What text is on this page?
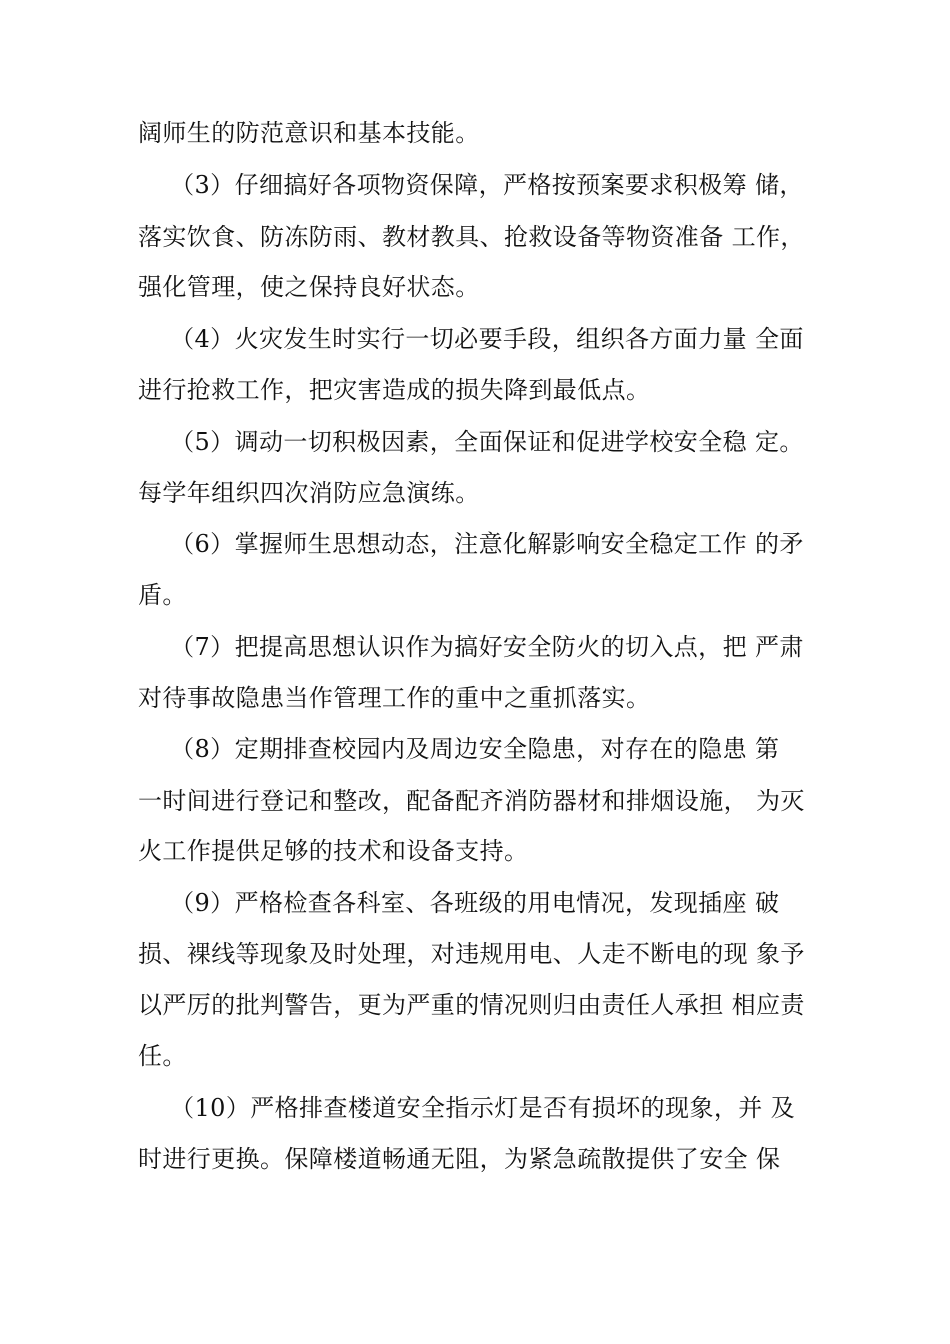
阔师生的防范意识和基本技能。
（3）仔细搞好各项物资保障，严格按预案要求积极筹 储，
落实饮食、防冻防雨、教材教具、抢救设备等物资准备 工作，
强化管理，使之保持良好状态。
（4）火灾发生时实行一切必要手段，组织各方面力量 全面
进行抢救工作，把灾害造成的损失降到最低点。
（5）调动一切积极因素，全面保证和促进学校安全稳 定。
每学年组织四次消防应急演练。
（6）掌握师生思想动态，注意化解影响安全稳定工作 的矛
盾。
（7）把提高思想认识作为搞好安全防火的切入点，把 严肃
对待事故隐患当作管理工作的重中之重抓落实。
（8）定期排查校园内及周边安全隐患，对存在的隐患 第
一时间进行登记和整改，配备配齐消防器材和排烟设施， 为灭
火工作提供足够的技术和设备支持。
（9）严格检查各科室、各班级的用电情况，发现插座 破
损、裸线等现象及时处理，对违规用电、人走不断电的现 象予
以严厉的批判警告，更为严重的情况则归由责任人承担 相应责
任。
（10）严格排查楼道安全指示灯是否有损坏的现象，并 及
时进行更换。保障楼道畅通无阻，为紧急疏散提供了安全 保
